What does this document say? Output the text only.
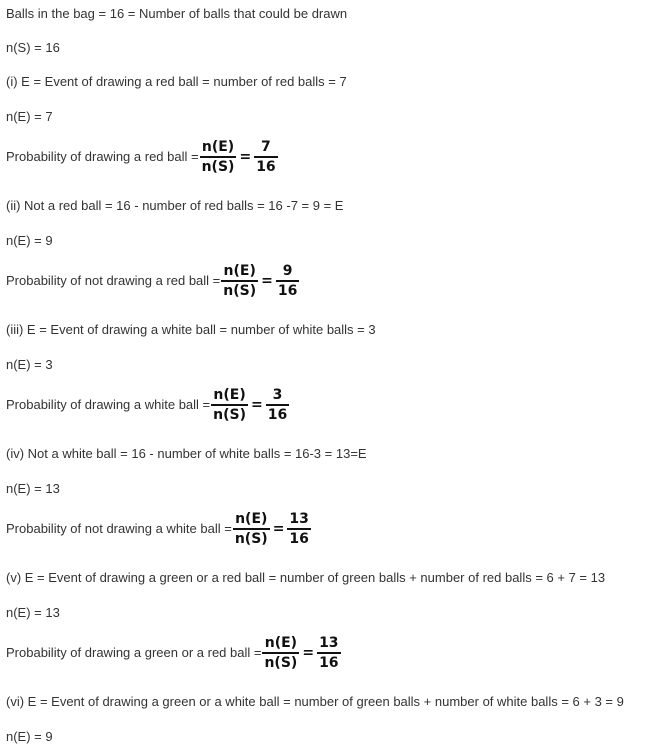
Balls in the bag = 16 = Number of balls that could be drawn
n(S) = 16
(i) E = Event of drawing a red ball = number of red balls = 7
n(E) = 7
Probability of drawing a red ball = $\frac{n(E)}{n(S)} = \frac{7}{16}$
(ii) Not a red ball = 16 - number of red balls = 16 -7 = 9 = E
n(E) = 9
Probability of not drawing a red ball = $\frac{n(E)}{n(S)} = \frac{9}{16}$
(iii) E = Event of drawing a white ball = number of white balls = 3
n(E) = 3
Probability of drawing a white ball = $\frac{n(E)}{n(S)} = \frac{3}{16}$
(iv) Not a white ball = 16 - number of white balls = 16-3 = 13=E
n(E) = 13
Probability of not drawing a white ball = $\frac{n(E)}{n(S)} = \frac{13}{16}$
(v) E = Event of drawing a green or a red ball = number of green balls + number of red balls = 6 + 7 = 13
n(E) = 13
Probability of drawing a green or a red ball = $\frac{n(E)}{n(S)} = \frac{13}{16}$
(vi) E = Event of drawing a green or a white ball = number of green balls + number of white balls = 6 + 3 = 9
n(E) = 9
